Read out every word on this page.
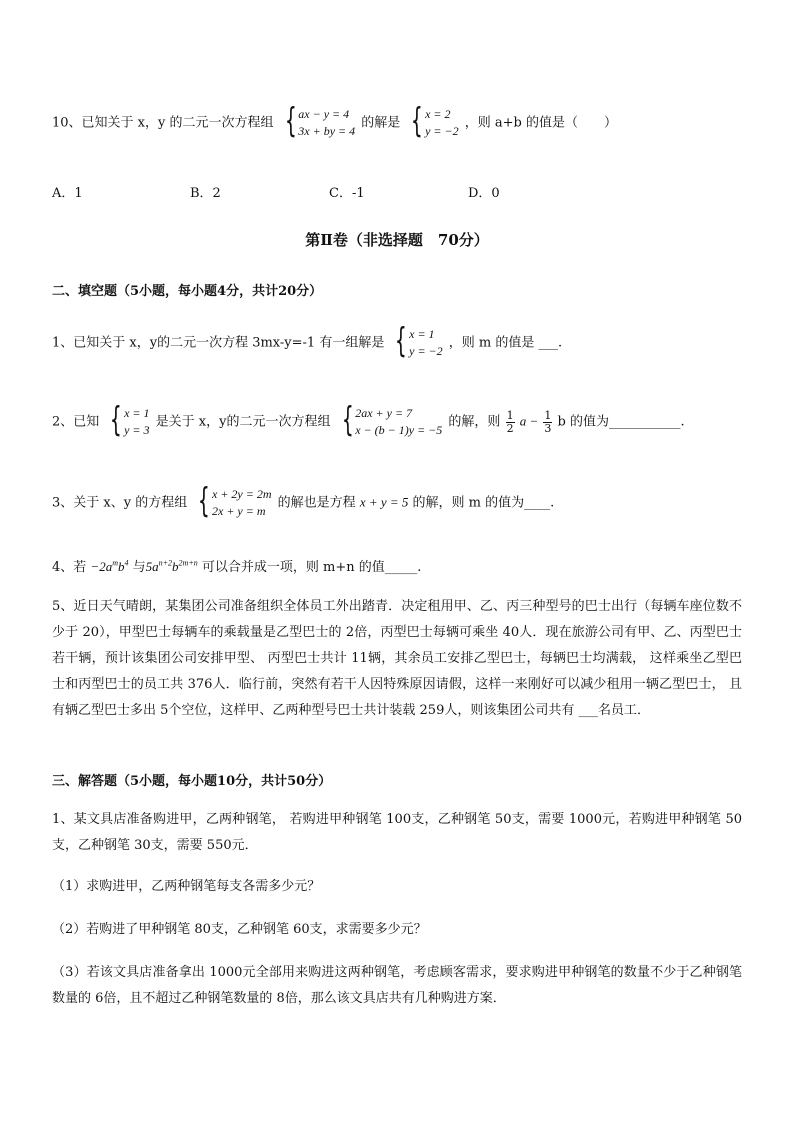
10、已知关于 x，y 的二元一次方程组 { ax − y = 4
3x + by = 4
的解是 { x = 2
y = −2
，则 a+b 的值是（　　）
A．1	B．2	C．-1	D．0
第Ⅱ卷（非选择题　70分）
二、填空题（5小题，每小题4分，共计20分）
1、已知关于 x，y的二元一次方程 3mx-y=-1 有一组解是 { x = 1
y = −2
，则 m 的值是 ___.
2、已知 { x = 1
y = 3
是关于 x，y的二元一次方程组 { 2ax + y = 7
x − (b − 1)y = −5
的解，则 $\frac{1}{2}$ $a - \frac{1}{3}$ b 的值为___________.
3、关于 x、y 的方程组 { x + 2y = 2m
2x + y = m
的解也是方程 x + y = 5 的解，则 m 的值为____.
4、若 $-2a^mb^4$ 与$5a^{n+2}b^{2m+n}$ 可以合并成一项，则 m+n 的值_____.

5、近日天气晴朗，某集团公司准备组织全体员工外出踏青．决定租用甲、乙、丙三种型号的巴士出行（每辆车座位数不少于 20），甲型巴士每辆车的乘载量是乙型巴士的 2倍，丙型巴士每辆可乘坐 40人．现在旅游公司有甲、乙、丙型巴士若干辆，预计该集团公司安排甲型、 丙型巴士共计 11辆，其余员工安排乙型巴士，每辆巴士均满载， 这样乘坐乙型巴士和丙型巴士的员工共 376人．临行前，突然有若干人因特殊原因请假，这样一来刚好可以减少租用一辆乙型巴士， 且有辆乙型巴士多出 5个空位，这样甲、乙两种型号巴士共计装载 259人，则该集团公司共有 ___名员工．

三、解答题（5小题，每小题10分，共计50分）

1、某文具店准备购进甲，乙两种钢笔， 若购进甲种钢笔 100支，乙种钢笔 50支，需要 1000元，若购进甲种钢笔 50支，乙种钢笔 30支，需要 550元．

（1）求购进甲，乙两种钢笔每支各需多少元？

（2）若购进了甲种钢笔 80支，乙种钢笔 60支，求需要多少元？

（3）若该文具店准备拿出 1000元全部用来购进这两种钢笔，考虑顾客需求，要求购进甲种钢笔的数量不少于乙种钢笔数量的 6倍，且不超过乙种钢笔数量的 8倍，那么该文具店共有几种购进方案．
